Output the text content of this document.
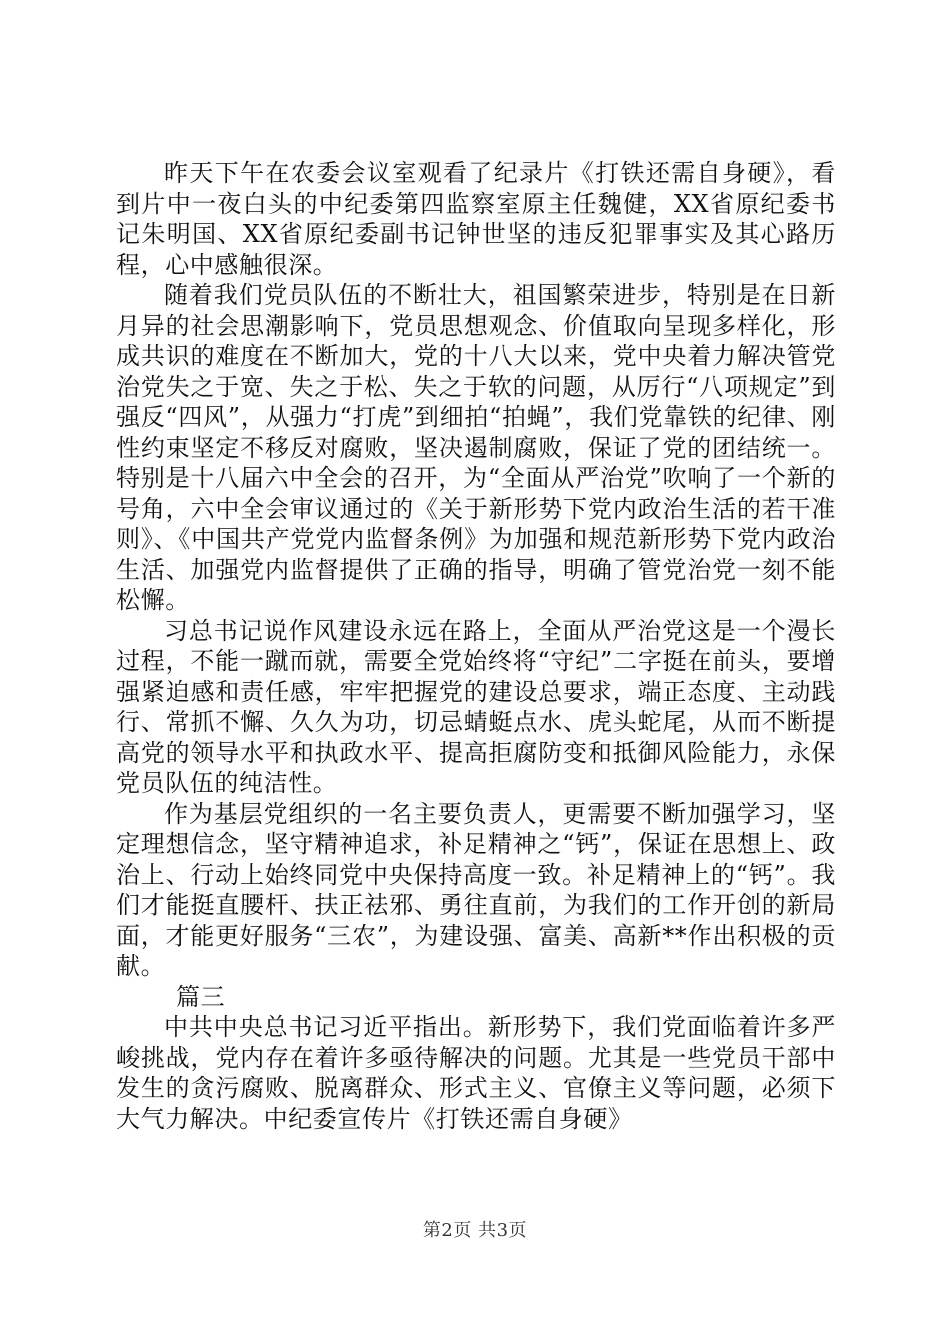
昨天下午在农委会议室观看了纪录片《打铁还需自身硬》，看到片中一夜白头的中纪委第四监察室原主任魏健，XX省原纪委书记朱明国、XX省原纪委副书记钟世坚的违反犯罪事实及其心路历程，心中感触很深。

随着我们党员队伍的不断壮大，祖国繁荣进步，特别是在日新月异的社会思潮影响下，党员思想观念、价值取向呈现多样化，形成共识的难度在不断加大，党的十八大以来，党中央着力解决管党治党失之于宽、失之于松、失之于软的问题，从厉行“八项规定”到强反“四风”，从强力“打虎”到细拍“拍蝇”，我们党靠铁的纪律、刚性约束坚定不移反对腐败，坚决遏制腐败，保证了党的团结统一。特别是十八届六中全会的召开，为“全面从严治党”吹响了一个新的号角，六中全会审议通过的《关于新形势下党内政治生活的若干准则》、《中国共产党党内监督条例》为加强和规范新形势下党内政治生活、加强党内监督提供了正确的指导，明确了管党治党一刻不能松懈。

习总书记说作风建设永远在路上，全面从严治党这是一个漫长过程，不能一蹴而就，需要全党始终将“守纪”二字挺在前头，要增强紧迫感和责任感，牢牢把握党的建设总要求，端正态度、主动践行、常抓不懈、久久为功，切忌蜻蜓点水、虎头蛇尾，从而不断提高党的领导水平和执政水平、提高拒腐防变和抵御风险能力，永保党员队伍的纯洁性。

作为基层党组织的一名主要负责人，更需要不断加强学习，坚定理想信念，坚守精神追求，补足精神之“钙”，保证在思想上、政治上、行动上始终同党中央保持高度一致。补足精神上的“钙”。我们才能挺直腰杆、扶正祛邪、勇往直前，为我们的工作开创的新局面，才能更好服务“三农”，为建设强、富美、高新**作出积极的贡献。

篇三

中共中央总书记习近平指出。新形势下，我们党面临着许多严峻挑战，党内存在着许多亟待解决的问题。尤其是一些党员干部中发生的贪污腐败、脱离群众、形式主义、官僚主义等问题，必须下大气力解决。中纪委宣传片《打铁还需自身硬》

第2页 共3页
